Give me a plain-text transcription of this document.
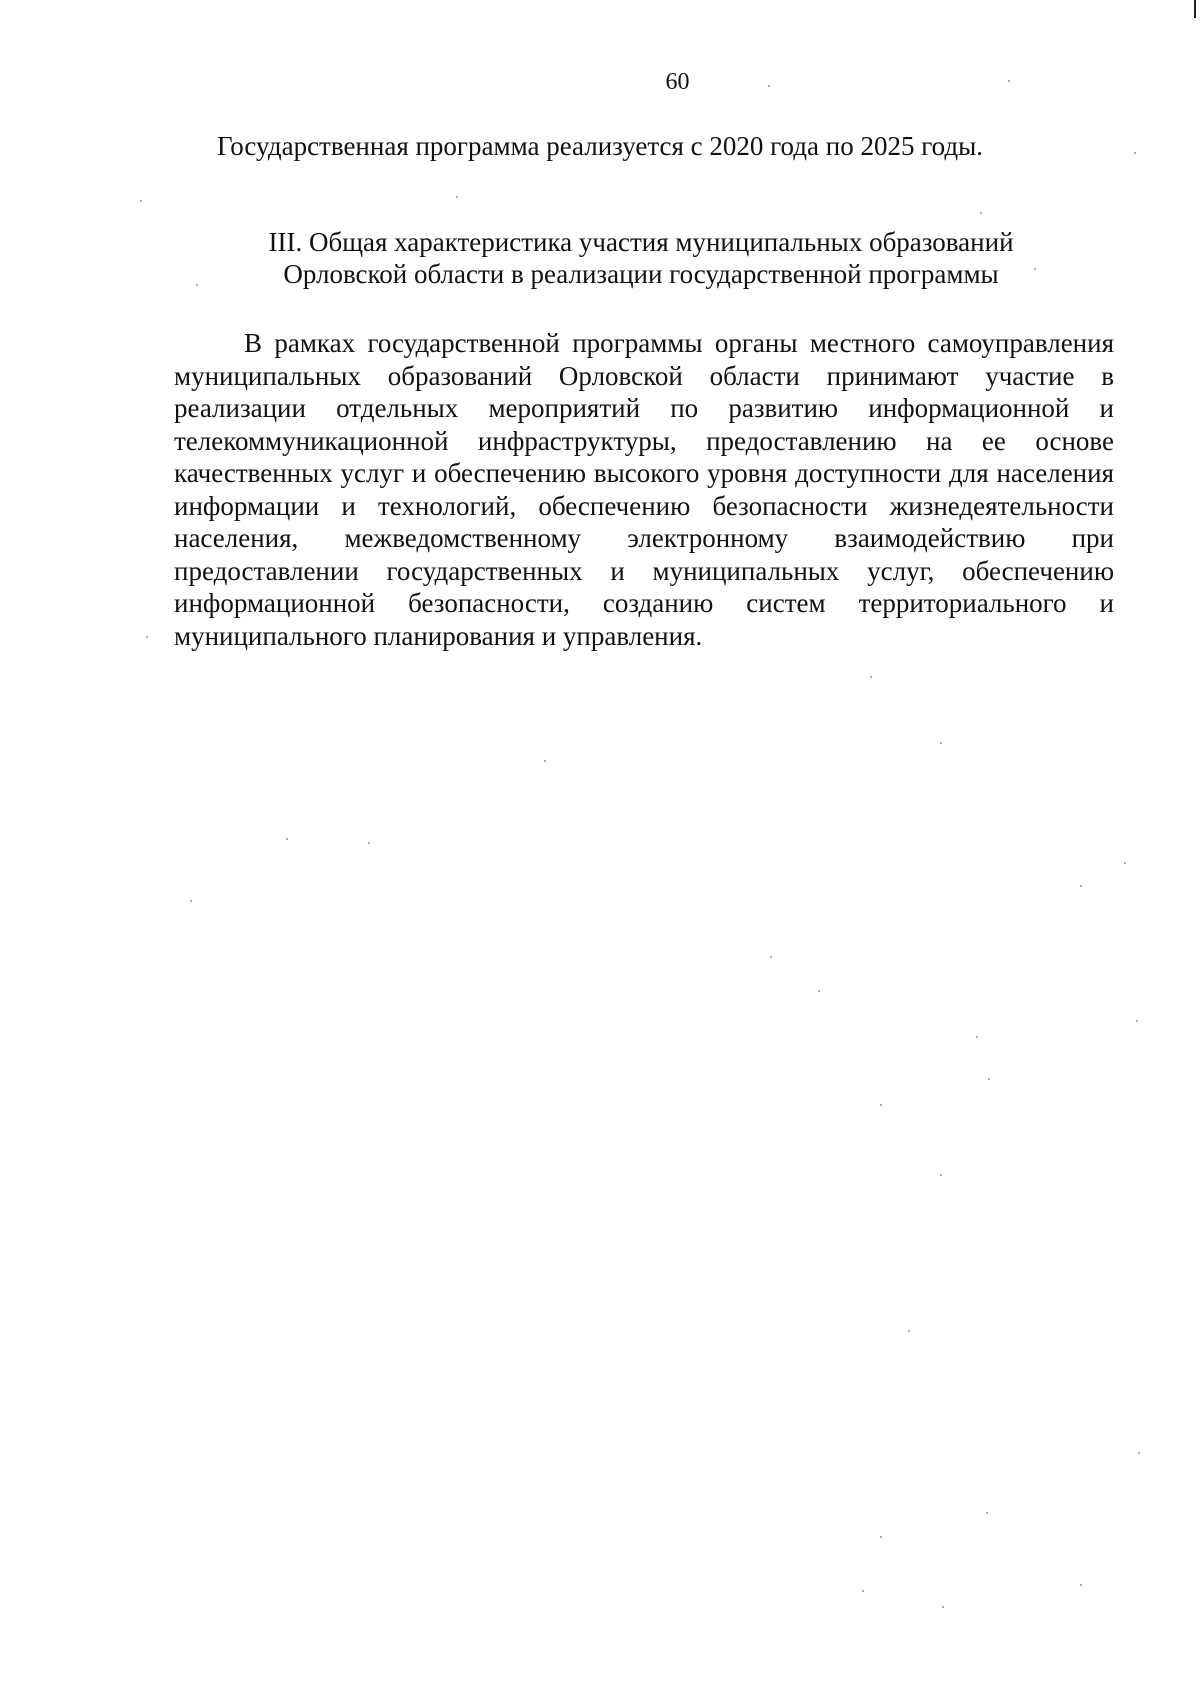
60
Государственная программа реализуется с 2020 года по 2025 годы.
III. Общая характеристика участия муниципальных образований
Орловской области в реализации государственной программы

В рамках государственной программы органы местного самоуправления муниципальных образований Орловской области принимают участие в реализации отдельных мероприятий по развитию информационной и телекоммуникационной инфраструктуры, предоставлению на ее основе качественных услуг и обеспечению высокого уровня доступности для населения информации и технологий, обеспечению безопасности жизнедеятельности населения, межведомственному электронному взаимодействию при предоставлении государственных и муниципальных услуг, обеспечению информационной безопасности, созданию систем территориального и муниципального планирования и управления.
